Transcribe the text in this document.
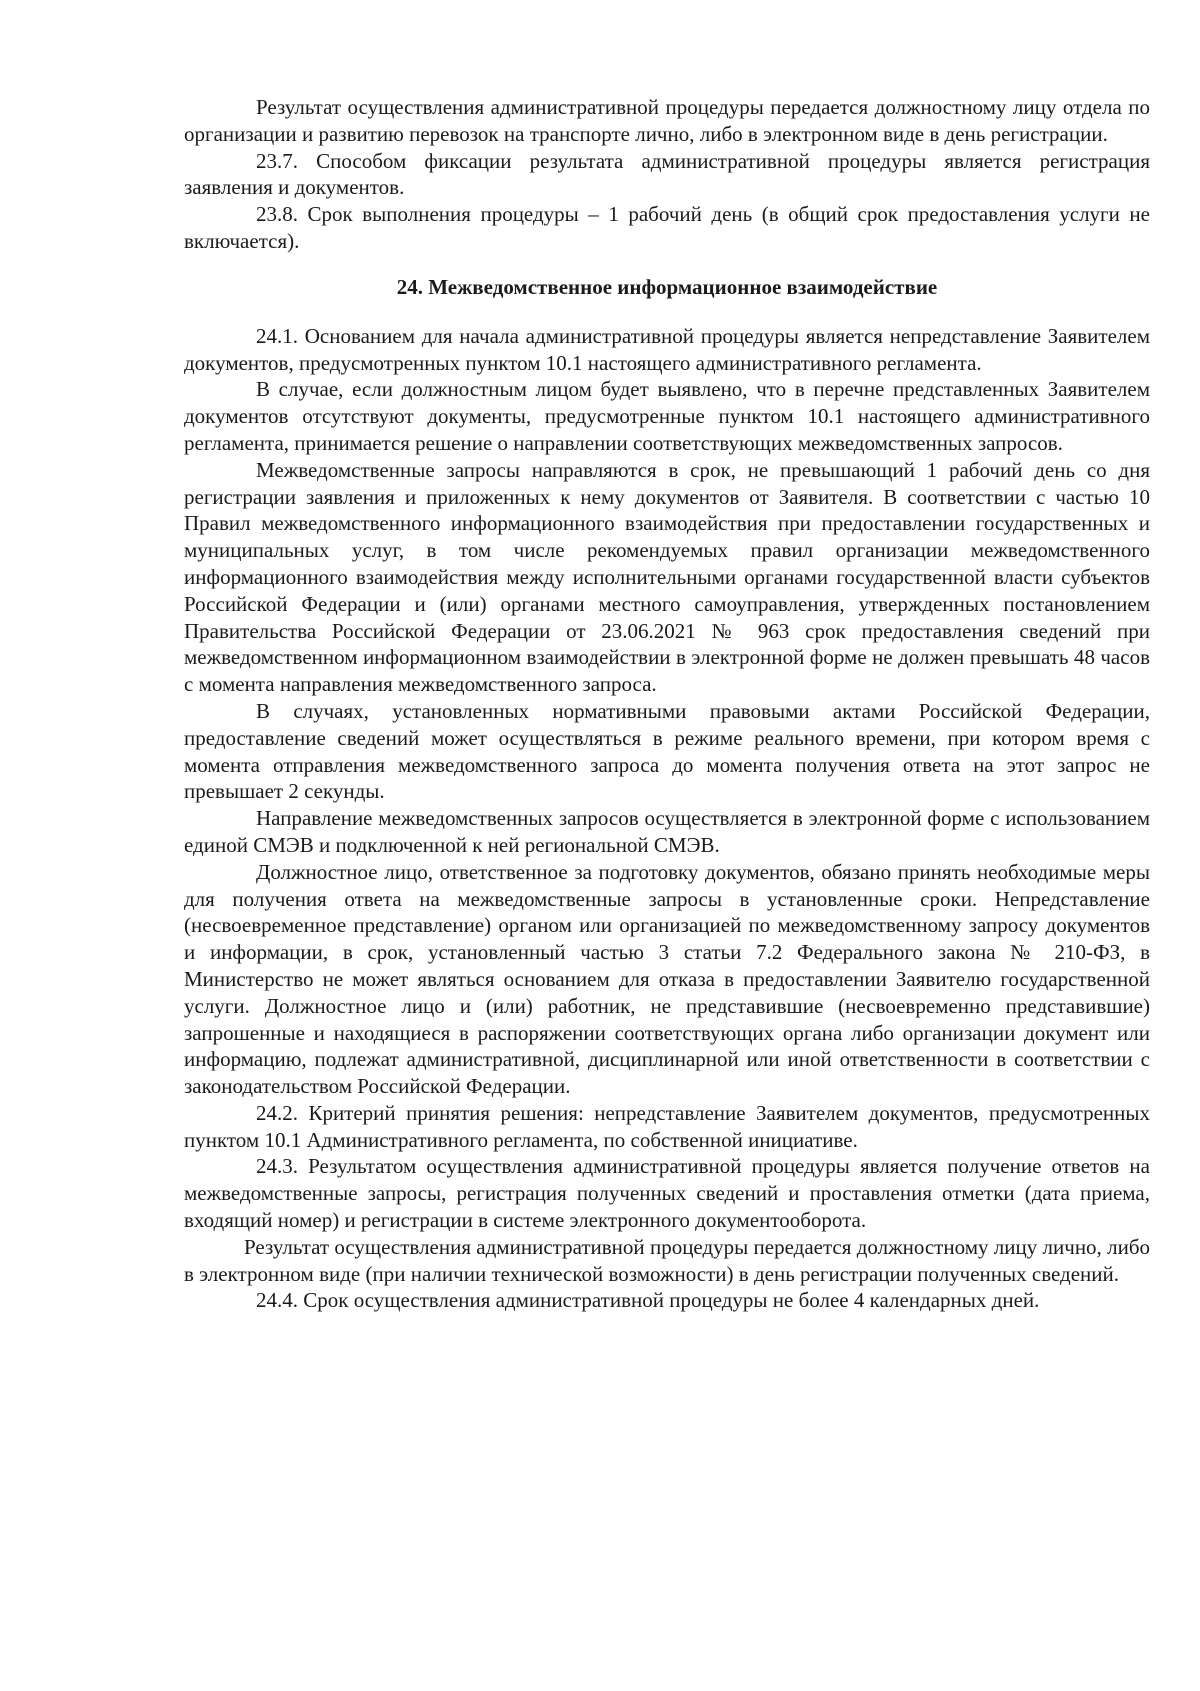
Результат осуществления административной процедуры передается должностному лицу отдела по организации и развитию перевозок на транспорте лично, либо в электронном виде в день регистрации.

23.7. Способом фиксации результата административной процедуры является регистрация заявления и документов.

23.8. Срок выполнения процедуры – 1 рабочий день (в общий срок предоставления услуги не включается).

24. Межведомственное информационное взаимодействие

24.1. Основанием для начала административной процедуры является непредставление Заявителем документов, предусмотренных пунктом 10.1 настоящего административного регламента.

В случае, если должностным лицом будет выявлено, что в перечне представленных Заявителем документов отсутствуют документы, предусмотренные пунктом 10.1 настоящего административного регламента, принимается решение о направлении соответствующих межведомственных запросов.

Межведомственные запросы направляются в срок, не превышающий 1 рабочий день со дня регистрации заявления и приложенных к нему документов от Заявителя. В соответствии с частью 10 Правил межведомственного информационного взаимодействия при предоставлении государственных и муниципальных услуг, в том числе рекомендуемых правил организации межведомственного информационного взаимодействия между исполнительными органами государственной власти субъектов Российской Федерации и (или) органами местного самоуправления, утвержденных постановлением Правительства Российской Федерации от 23.06.2021 № 963 срок предоставления сведений при межведомственном информационном взаимодействии в электронной форме не должен превышать 48 часов с момента направления межведомственного запроса.

В случаях, установленных нормативными правовыми актами Российской Федерации, предоставление сведений может осуществляться в режиме реального времени, при котором время с момента отправления межведомственного запроса до момента получения ответа на этот запрос не превышает 2 секунды.

Направление межведомственных запросов осуществляется в электронной форме с использованием единой СМЭВ и подключенной к ней региональной СМЭВ.

Должностное лицо, ответственное за подготовку документов, обязано принять необходимые меры для получения ответа на межведомственные запросы в установленные сроки. Непредставление (несвоевременное представление) органом или организацией по межведомственному запросу документов и информации, в срок, установленный частью 3 статьи 7.2 Федерального закона № 210-ФЗ, в Министерство не может являться основанием для отказа в предоставлении Заявителю государственной услуги. Должностное лицо и (или) работник, не представившие (несвоевременно представившие) запрошенные и находящиеся в распоряжении соответствующих органа либо организации документ или информацию, подлежат административной, дисциплинарной или иной ответственности в соответствии с законодательством Российской Федерации.

24.2. Критерий принятия решения: непредставление Заявителем документов, предусмотренных пунктом 10.1 Административного регламента, по собственной инициативе.

24.3. Результатом осуществления административной процедуры является получение ответов на межведомственные запросы, регистрация полученных сведений и проставления отметки (дата приема, входящий номер) и регистрации в системе электронного документооборота.

Результат осуществления административной процедуры передается должностному лицу лично, либо в электронном виде (при наличии технической возможности) в день регистрации полученных сведений.

24.4. Срок осуществления административной процедуры не более 4 календарных дней.
